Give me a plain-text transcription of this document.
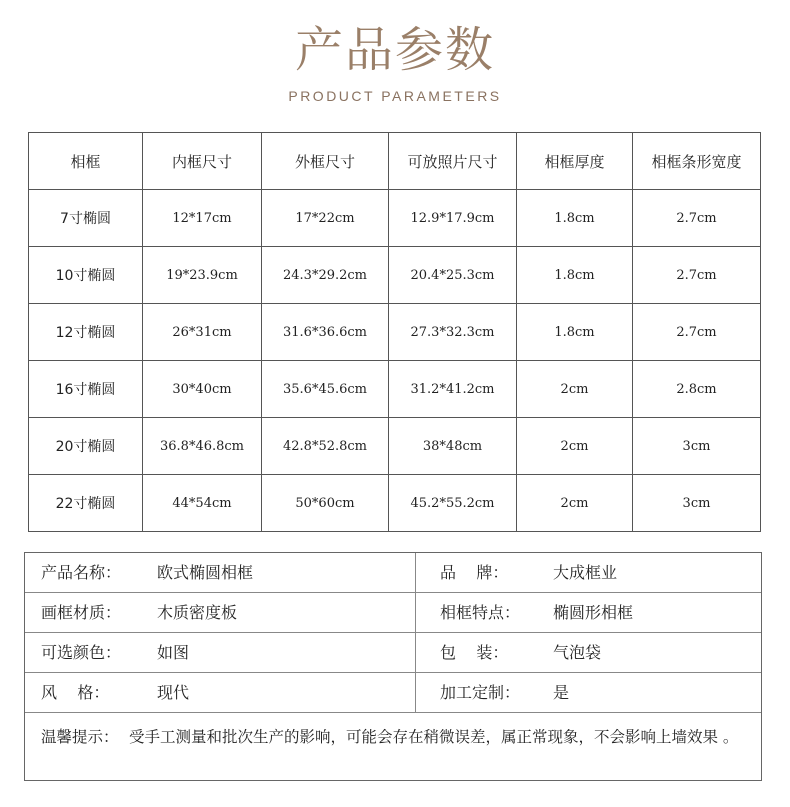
产品参数
PRODUCT PARAMETERS
相框	内框尺寸	外框尺寸	可放照片尺寸	相框厚度	相框条形宽度
7寸椭圆	12*17cm	17*22cm	12.9*17.9cm	1.8cm	2.7cm
10寸椭圆	19*23.9cm	24.3*29.2cm	20.4*25.3cm	1.8cm	2.7cm
12寸椭圆	26*31cm	31.6*36.6cm	27.3*32.3cm	1.8cm	2.7cm
16寸椭圆	30*40cm	35.6*45.6cm	31.2*41.2cm	2cm	2.8cm
20寸椭圆	36.8*46.8cm	42.8*52.8cm	38*48cm	2cm	3cm
22寸椭圆	44*54cm	50*60cm	45.2*55.2cm	2cm	3cm
产品名称： 欧式椭圆相框	品    牌：	大成框业
画框材质： 木质密度板	相框特点： 椭圆形相框
可选颜色： 如图	包    装：	气泡袋
风    格：	现代	加工定制： 是
温馨提示： 受手工测量和批次生产的影响，可能会存在稍微误差，属正常现象，不会影响上墙效果 。
